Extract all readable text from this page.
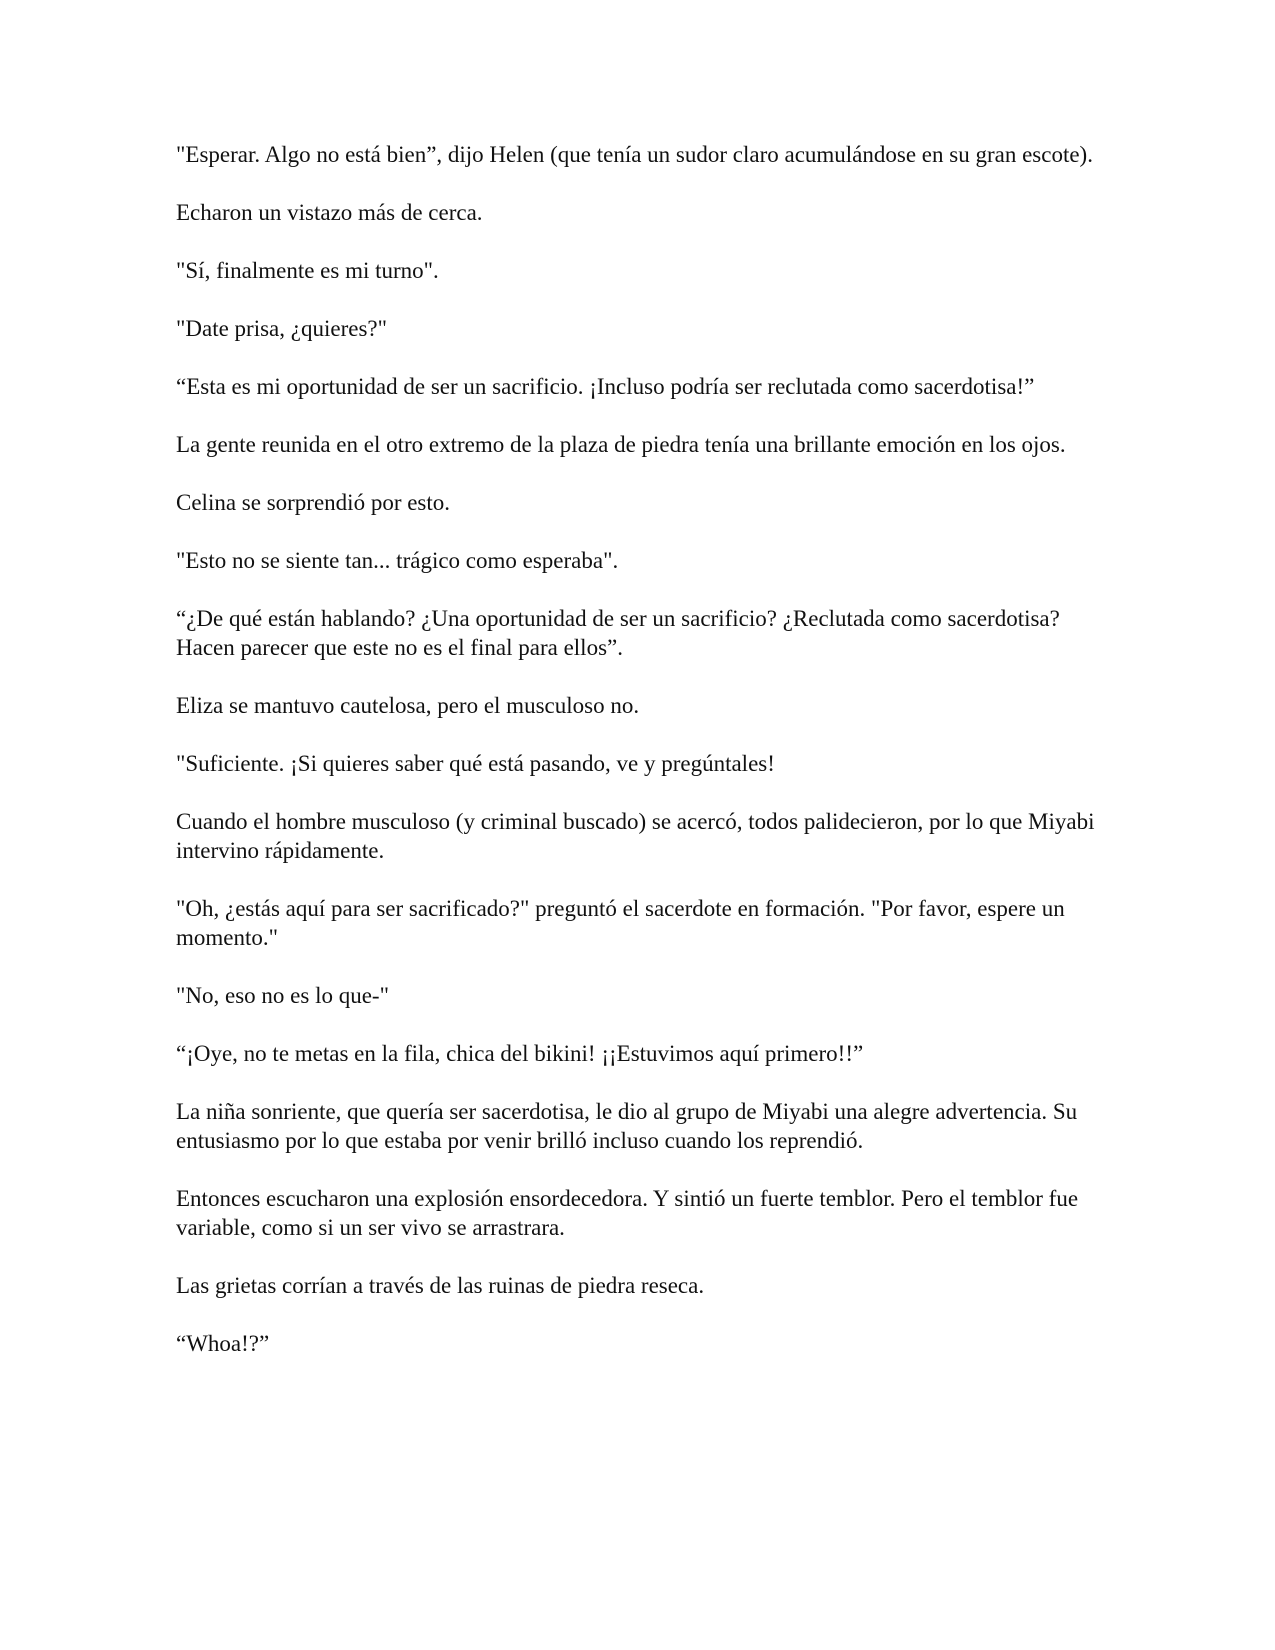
"Esperar. Algo no está bien”, dijo Helen (que tenía un sudor claro acumulándose en su gran escote).

Echaron un vistazo más de cerca.

"Sí, finalmente es mi turno".

"Date prisa, ¿quieres?"

“Esta es mi oportunidad de ser un sacrificio. ¡Incluso podría ser reclutada como sacerdotisa!”

La gente reunida en el otro extremo de la plaza de piedra tenía una brillante emoción en los ojos.

Celina se sorprendió por esto.

"Esto no se siente tan... trágico como esperaba".

“¿De qué están hablando? ¿Una oportunidad de ser un sacrificio? ¿Reclutada como sacerdotisa? Hacen parecer que este no es el final para ellos”.

Eliza se mantuvo cautelosa, pero el musculoso no.

"Suficiente. ¡Si quieres saber qué está pasando, ve y pregúntales!

Cuando el hombre musculoso (y criminal buscado) se acercó, todos palidecieron, por lo que Miyabi intervino rápidamente.

"Oh, ¿estás aquí para ser sacrificado?" preguntó el sacerdote en formación. "Por favor, espere un momento."

"No, eso no es lo que-"

“¡Oye, no te metas en la fila, chica del bikini! ¡¡Estuvimos aquí primero!!”

La niña sonriente, que quería ser sacerdotisa, le dio al grupo de Miyabi una alegre advertencia. Su entusiasmo por lo que estaba por venir brilló incluso cuando los reprendió.

Entonces escucharon una explosión ensordecedora. Y sintió un fuerte temblor. Pero el temblor fue variable, como si un ser vivo se arrastrara.

Las grietas corrían a través de las ruinas de piedra reseca.

“Whoa!?”
